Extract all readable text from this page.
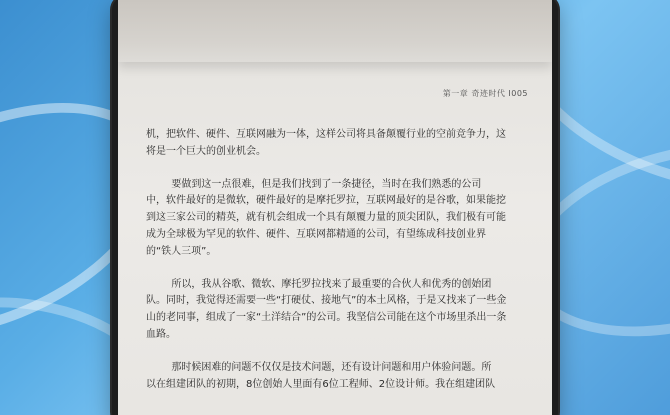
第一章 奇迹时代 I005

机，把软件、硬件、互联网融为一体，这样公司将具备颠覆行业的空前竞争力，这
将是一个巨大的创业机会。

要做到这一点很难，但是我们找到了一条捷径，当时在我们熟悉的公司
中，软件最好的是微软，硬件最好的是摩托罗拉，互联网最好的是谷歌，如果能挖
到这三家公司的精英，就有机会组成一个具有颠覆力量的顶尖团队，我们极有可能
成为全球极为罕见的软件、硬件、互联网都精通的公司，有望练成科技创业界
的“铁人三项”。

所以，我从谷歌、微软、摩托罗拉找来了最重要的合伙人和优秀的创始团
队。同时，我觉得还需要一些“打硬仗、接地气”的本土风格，于是又找来了一些金
山的老同事，组成了一家“土洋结合”的公司。我坚信公司能在这个市场里杀出一条
血路。

那时候困难的问题不仅仅是技术问题，还有设计问题和用户体验问题。所
以在组建团队的初期，8位创始人里面有6位工程师、2位设计师。我在组建团队
